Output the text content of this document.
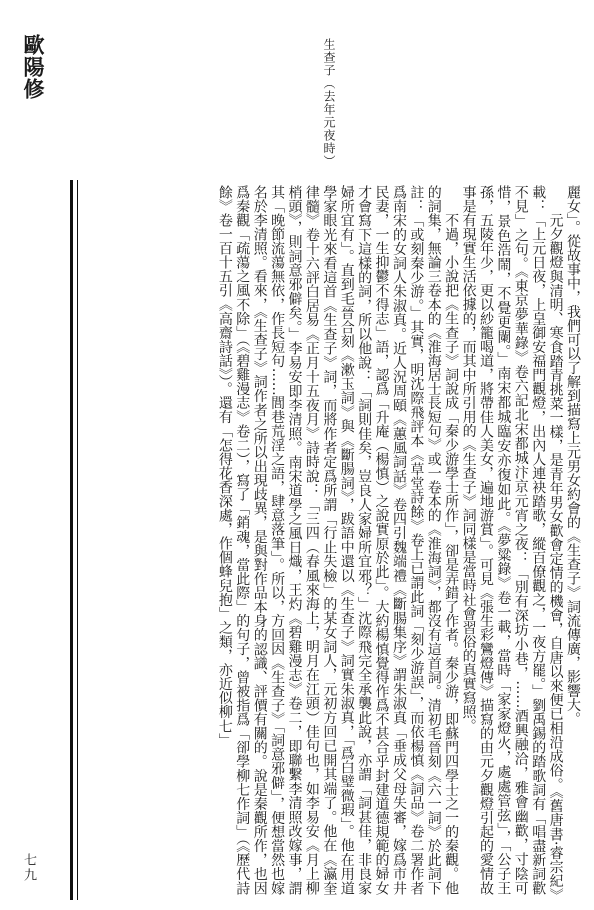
歐陽修	生查子（去年元夜時）

麗女」。從故事中，我們可以了解到描寫上元男女約會的《生查子》詞流傳廣，影響大。

元夕觀燈與清明、寒食踏青挑菜一樣，是青年男女歡會定情的機會，自唐以來便已相沿成俗。《舊唐書·睿宗紀》載：「上元日夜，上皇御安福門觀燈，出內人連袂踏歌，縱百僚觀之，一夜方罷。」劉禹錫的踏歌詞有「唱盡新詞歡不見」之句。《東京夢華錄》卷六記北宋都城汴京元宵之夜：「別有深坊小巷，……酒興融洽，雅會幽歡，寸陰可惜，景色浩鬧，不覺更闌。」南宋都城臨安亦復如此。《夢粱錄》卷一載，當時「家家燈火，處處管弦」，「公子王孫，五陵年少，更以紗籠喝道，將帶佳人美女，遍地游賞」。可見《張生彩鸞燈傳》描寫的由元夕觀燈引起的愛情故事是有現實生活依據的，而其中所引用的《生查子》詞同樣是當時社會習俗的真實寫照。

不過，小說把《生查子》詞說成「秦少游學士所作」，卻是弄錯了作者。秦少游，即蘇門四學士之一的秦觀。他的詞集，無論三卷本的《淮海居士長短句》或一卷本的《淮海詞》，都沒有這首詞。清初毛晉刻《六一詞》於此詞下註：「或刻秦少游。」其實，明沈際飛評本《草堂詩餘》卷上已謂此詞「刻少游誤」，而依楊慎《詞品》卷二署作者爲南宋的女詞人朱淑真。近人況周頤《蕙風詞話》卷四引魏端禮《斷腸集序》謂朱淑真「垂成父母失審，嫁爲市井民妻，一生抑鬱不得志」語，認爲「升庵（楊慎）之說實原於此」。大約楊慎覺得作爲不甚合乎封建道德規範的婦女才會寫下這樣的詞，所以他說：「詞則佳矣，豈良人家婦所宜邪？」沈際飛完全承襲此說，亦謂「詞甚佳，非良家婦所宜有」。直到毛晉合刻《漱玉詞》與《斷腸詞》，跋語中還以《生查子》詞實朱淑真，「爲白璧微瑕」。他在用道學家眼光來看這首《生查子》詞，而將作者定爲所謂「行止失檢」的某女詞人，元初方回已開其端了。他在《瀛奎律髓》卷十六評白居易《正月十五夜月》詩時說：「三四（春風來海上，明月在江頭）佳句也，如李易安《月上柳梢頭》，則詞意邪僻矣。」李易安即李清照。南宋道學之風日熾，王灼《碧雞漫志》卷二，即聯繫李清照改嫁事，謂其「晚節流蕩無依，作長短句……閭巷荒淫之語，肆意落筆」。所以，方回因《生查子》「詞意邪僻」，便想當然也嫁名於李清照。看來，《生查子》詞作者之所以出現歧異，是與對作品本身的認識、評價有關的。說是秦觀所作，也因爲秦觀「疏蕩之風不除」（《碧雞漫志》卷二），寫了「銷魂，當此際」的句子，曾被指爲「卻學柳七作詞」（《歷代詩餘》卷一百十五引《高齋詩話》）。還有「怎得花香深處，作個蜂兒抱」之類，亦近似柳七」

七九
